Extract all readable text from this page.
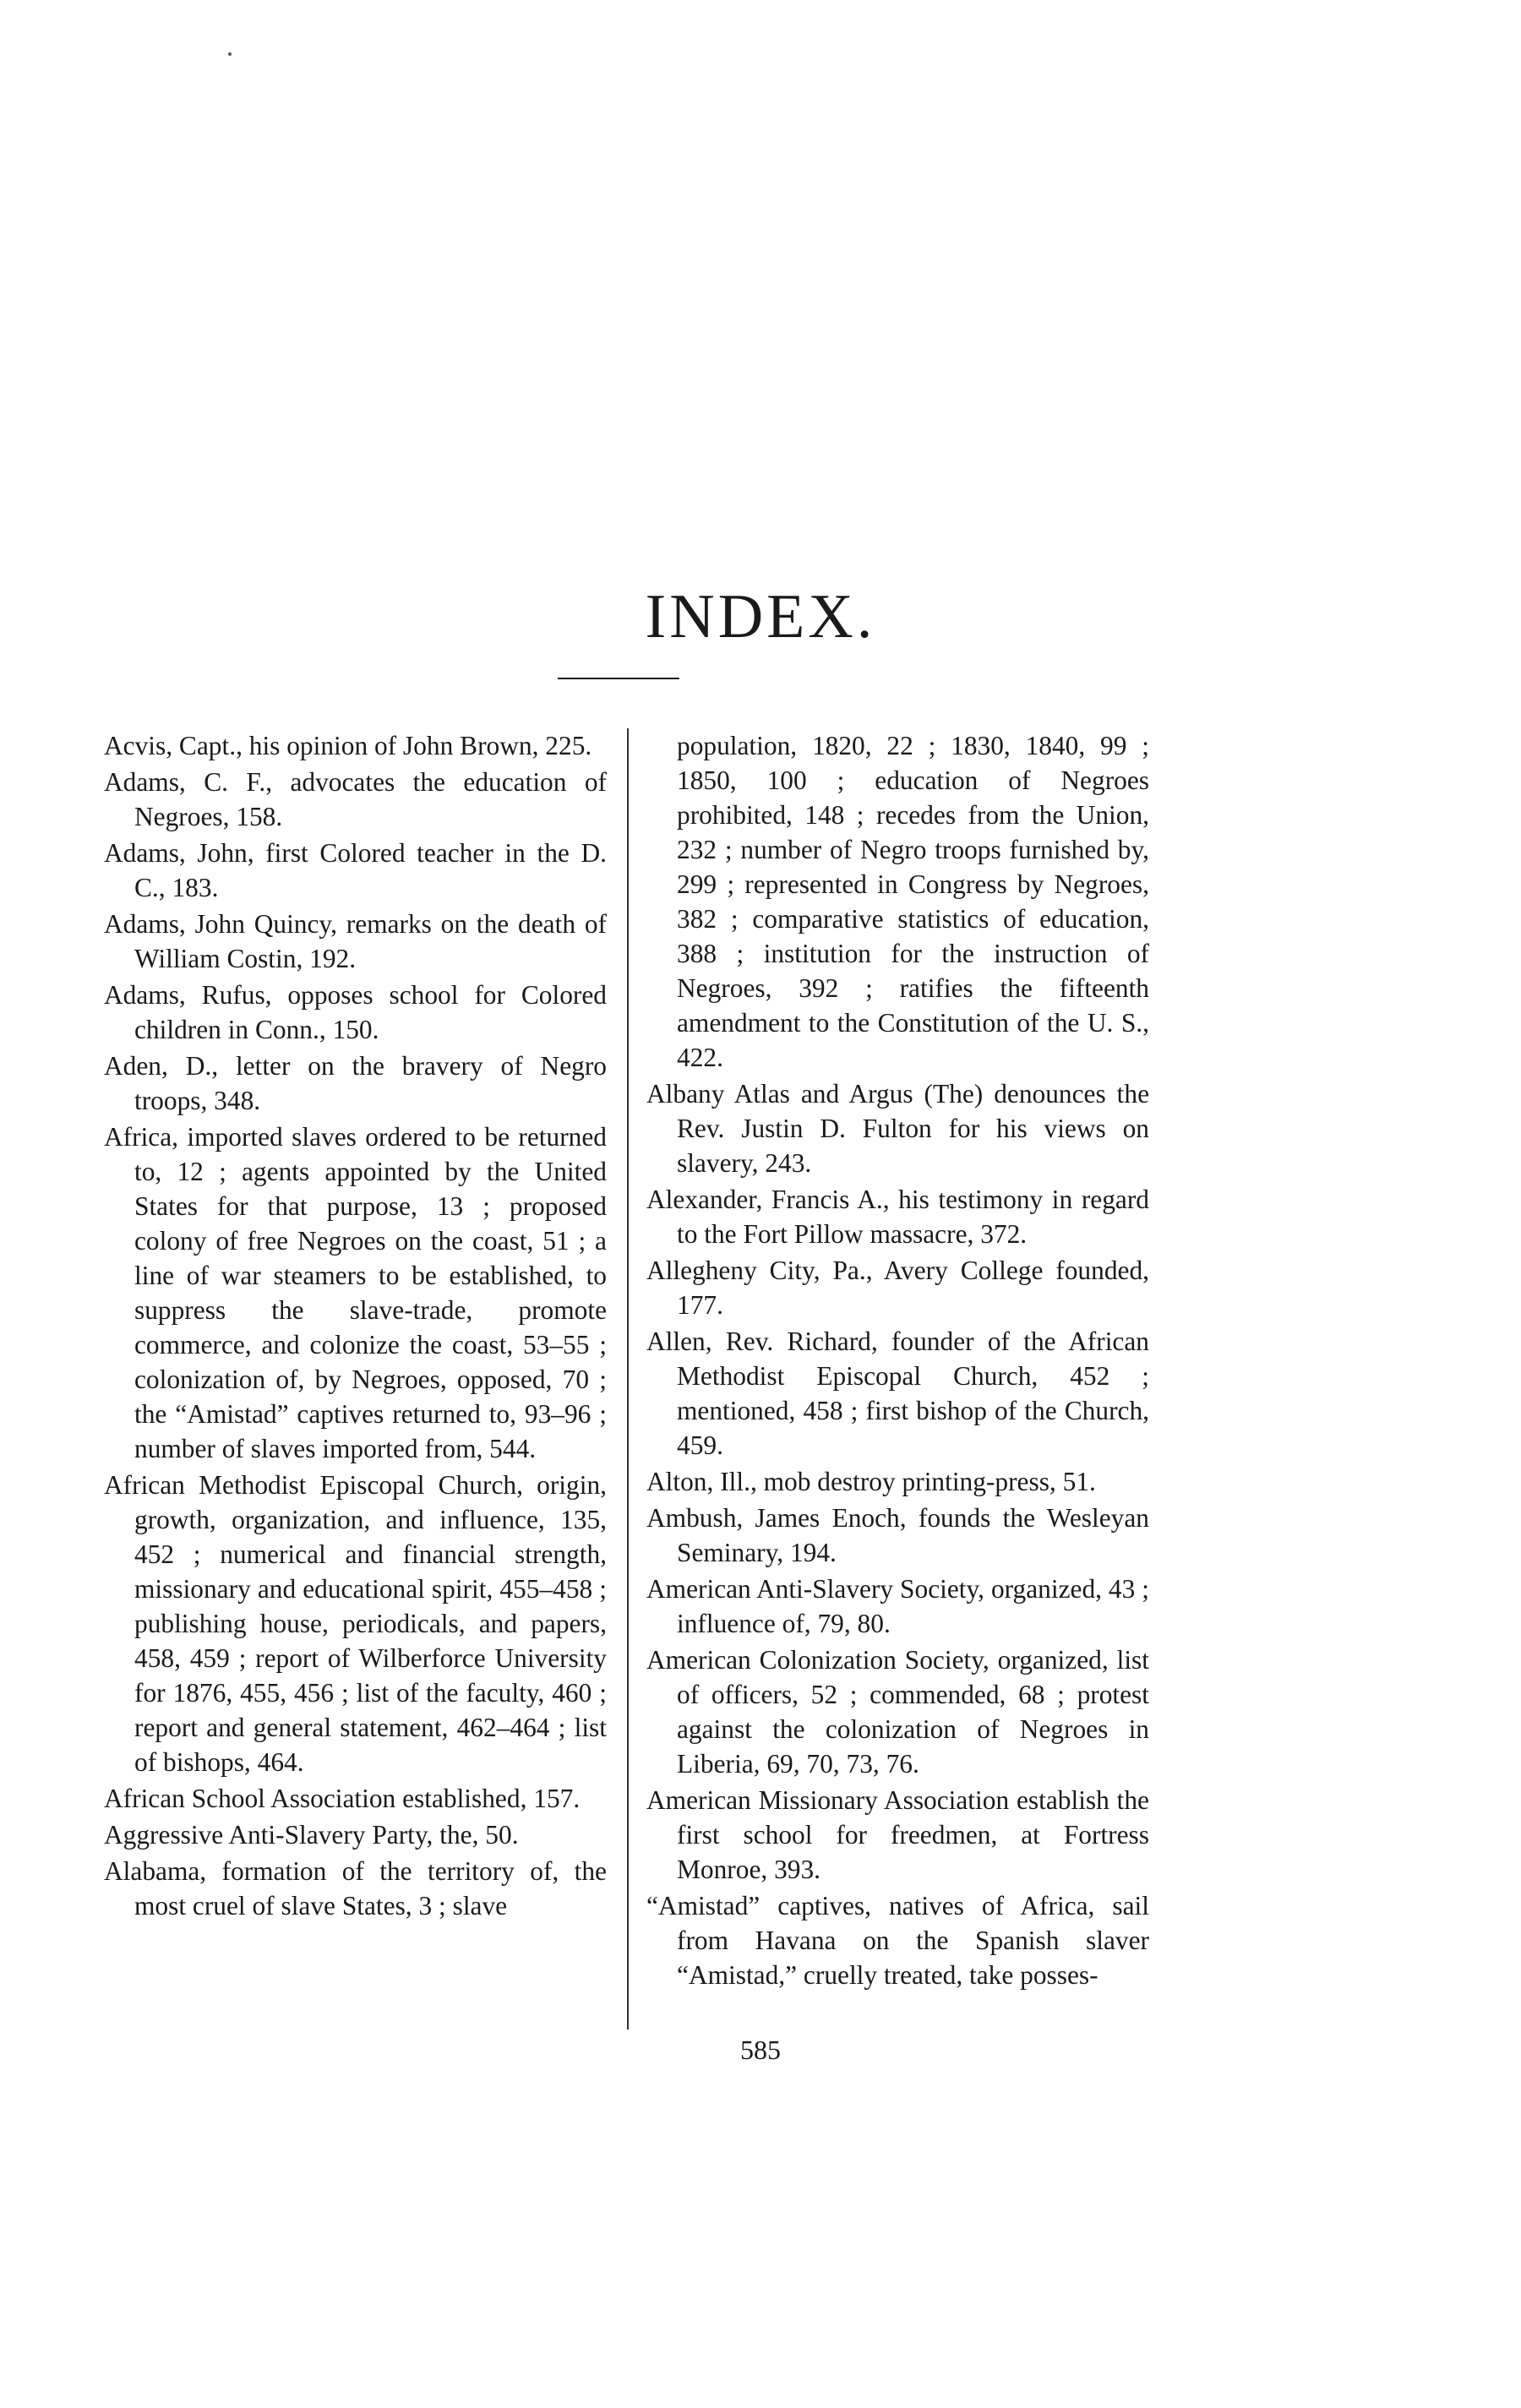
INDEX.

Acvis, Capt., his opinion of John Brown, 225.

Adams, C. F., advocates the education of Negroes, 158.

Adams, John, first Colored teacher in the D. C., 183.

Adams, John Quincy, remarks on the death of William Costin, 192.

Adams, Rufus, opposes school for Colored children in Conn., 150.

Aden, D., letter on the bravery of Negro troops, 348.

Africa, imported slaves ordered to be returned to, 12 ; agents appointed by the United States for that purpose, 13 ; proposed colony of free Negroes on the coast, 51 ; a line of war steamers to be established, to suppress the slave-trade, promote commerce, and colonize the coast, 53–55 ; colonization of, by Negroes, opposed, 70 ; the “Amistad” captives returned to, 93–96 ; number of slaves imported from, 544.

African Methodist Episcopal Church, origin, growth, organization, and influence, 135, 452 ; numerical and financial strength, missionary and educational spirit, 455–458 ; publishing house, periodicals, and papers, 458, 459 ; report of Wilberforce University for 1876, 455, 456 ; list of the faculty, 460 ; report and general statement, 462–464 ; list of bishops, 464.

African School Association established, 157.

Aggressive Anti-Slavery Party, the, 50.

Alabama, formation of the territory of, the most cruel of slave States, 3 ; slave

population, 1820, 22 ; 1830, 1840, 99 ; 1850, 100 ; education of Negroes prohibited, 148 ; recedes from the Union, 232 ; number of Negro troops furnished by, 299 ; represented in Congress by Negroes, 382 ; comparative statistics of education, 388 ; institution for the instruction of Negroes, 392 ; ratifies the fifteenth amendment to the Constitution of the U. S., 422.

Albany Atlas and Argus (The) denounces the Rev. Justin D. Fulton for his views on slavery, 243.

Alexander, Francis A., his testimony in regard to the Fort Pillow massacre, 372.

Allegheny City, Pa., Avery College founded, 177.

Allen, Rev. Richard, founder of the African Methodist Episcopal Church, 452 ; mentioned, 458 ; first bishop of the Church, 459.

Alton, Ill., mob destroy printing-press, 51.

Ambush, James Enoch, founds the Wesleyan Seminary, 194.

American Anti-Slavery Society, organized, 43 ; influence of, 79, 80.

American Colonization Society, organized, list of officers, 52 ; commended, 68 ; protest against the colonization of Negroes in Liberia, 69, 70, 73, 76.

American Missionary Association establish the first school for freedmen, at Fortress Monroe, 393.

“Amistad” captives, natives of Africa, sail from Havana on the Spanish slaver “Amistad,” cruelly treated, take posses-

585
